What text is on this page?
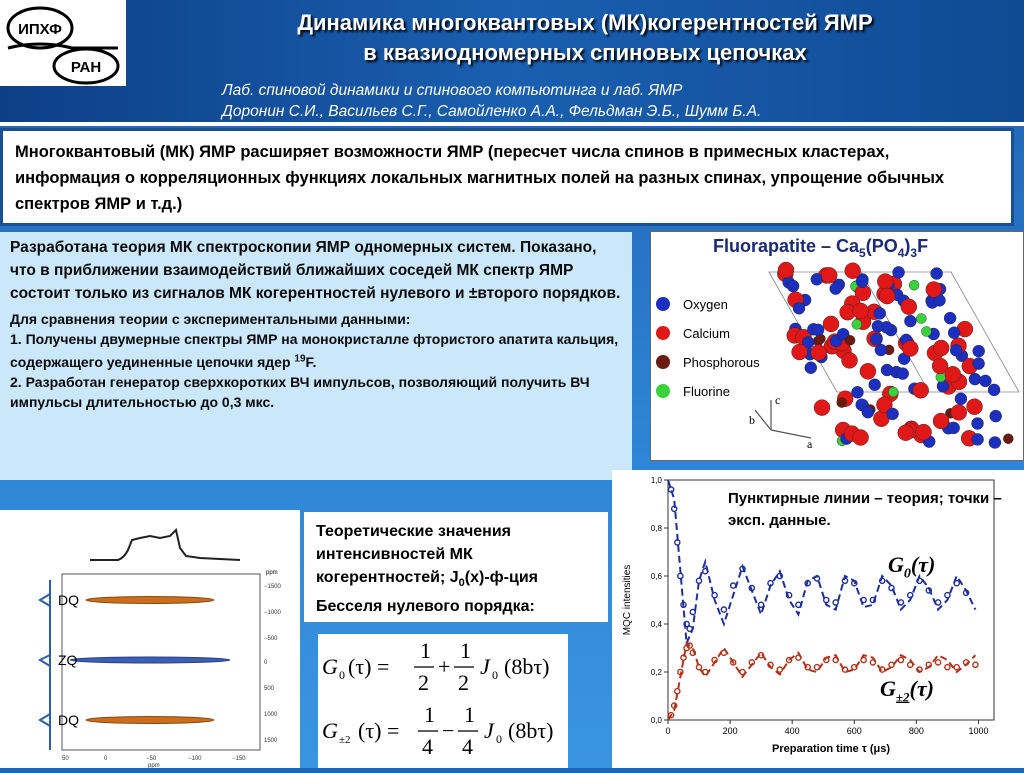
ИПХФ
РАН
Динамика многоквантовых (МК)когерентностей ЯМР
в квазиодномерных спиновых цепочках
Лаб. спиновой динамики и спинового компьютинга и лаб. ЯМР
Доронин С.И., Васильев С.Г., Самойленко А.А., Фельдман Э.Б., Шумм Б.А.
Многоквантовый (МК) ЯМР расширяет возможности ЯМР (пересчет числа спинов в примесных кластерах, информация о корреляционных функциях локальных магнитных полей на разных спинах, упрощение обычных спектров ЯМР и т.д.)

Разработана теория МК спектроскопии ЯМР одномерных систем. Показано, что в приближении взаимодействий ближайших соседей МК спектр ЯМР состоит только из сигналов МК когерентностей нулевого и ±второго порядков.

Для сравнения теории с экспериментальными данными:
1. Получены двумерные спектры ЯМР на монокристалле фтористого апатита кальция, содержащего уединенные цепочки ядер $^{19}$F.
2. Разработан генератор сверхкоротких ВЧ импульсов, позволяющий получить ВЧ импульсы длительностью до 0,3 мкс.

Fluorapatite – $Ca_5(PO_4)_3F$
Oxygen
Calcium
Phosphorous
Fluorine
c
b
a
DQ
ZQ
DQ
ppm
−1500
−1000
−500
0
500
1000
1500
50	0	−50	−100	−150
ppm
Теоретические значения интенсивностей МК когерентностей; $J_0(x)-ф$-ция Бесселя нулевого порядка:
G 0 (τ) =
1
2
+
1
2
J 0 (8bτ)
G ±2 (τ) =
1
4
−
1
4
J 0 (8bτ)	0,0
0,2
0,4
0,6
0,8
1,0
0	200	400	600	800	1000
Preparation time τ (μs)
MQC intensities
Пунктирные линии – теория; точки – эксп. данные.
$G_0(\tau)$
$G_{\pm 2}(\tau)$
